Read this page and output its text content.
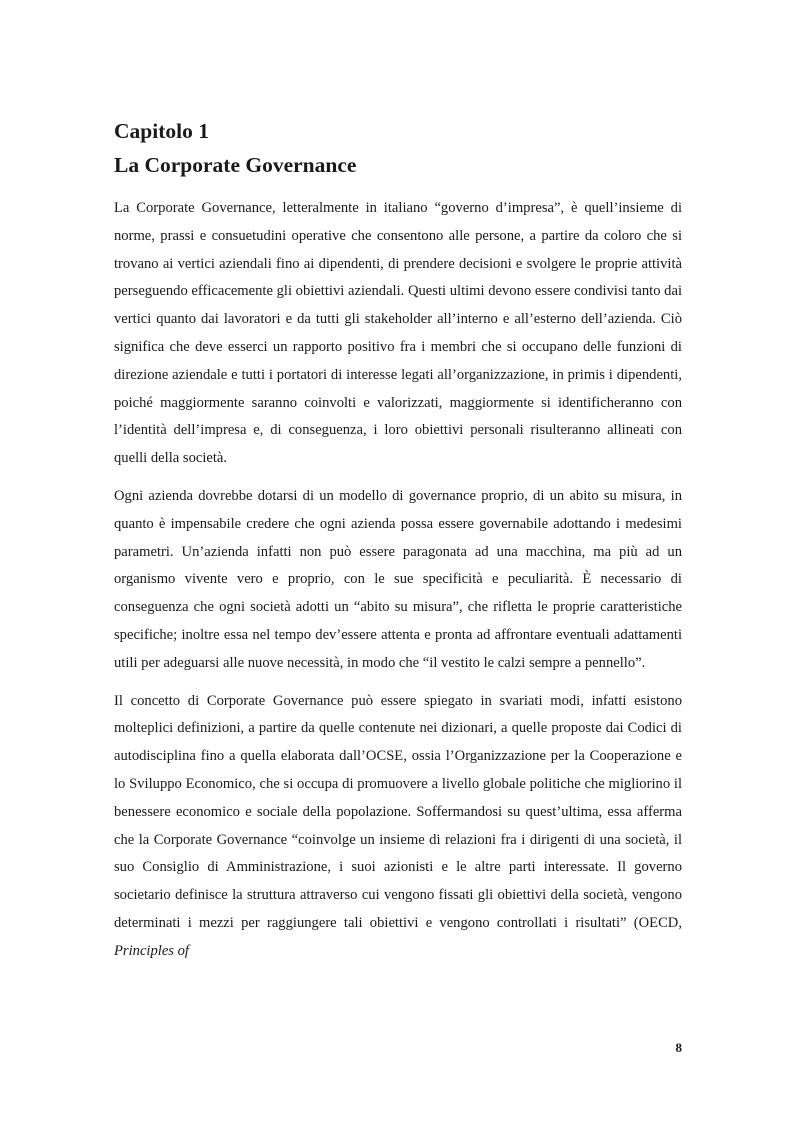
Capitolo 1
La Corporate Governance

La Corporate Governance, letteralmente in italiano “governo d’impresa”, è quell’insieme di norme, prassi e consuetudini operative che consentono alle persone, a partire da coloro che si trovano ai vertici aziendali fino ai dipendenti, di prendere decisioni e svolgere le proprie attività perseguendo efficacemente gli obiettivi aziendali. Questi ultimi devono essere condivisi tanto dai vertici quanto dai lavoratori e da tutti gli stakeholder all’interno e all’esterno dell’azienda. Ciò significa che deve esserci un rapporto positivo fra i membri che si occupano delle funzioni di direzione aziendale e tutti i portatori di interesse legati all’organizzazione, in primis i dipendenti, poiché maggiormente saranno coinvolti e valorizzati, maggiormente si identificheranno con l’identità dell’impresa e, di conseguenza, i loro obiettivi personali risulteranno allineati con quelli della società.

Ogni azienda dovrebbe dotarsi di un modello di governance proprio, di un abito su misura, in quanto è impensabile credere che ogni azienda possa essere governabile adottando i medesimi parametri. Un’azienda infatti non può essere paragonata ad una macchina, ma più ad un organismo vivente vero e proprio, con le sue specificità e peculiarità. È necessario di conseguenza che ogni società adotti un “abito su misura”, che rifletta le proprie caratteristiche specifiche; inoltre essa nel tempo dev’essere attenta e pronta ad affrontare eventuali adattamenti utili per adeguarsi alle nuove necessità, in modo che “il vestito le calzi sempre a pennello”.

Il concetto di Corporate Governance può essere spiegato in svariati modi, infatti esistono molteplici definizioni, a partire da quelle contenute nei dizionari, a quelle proposte dai Codici di autodisciplina fino a quella elaborata dall’OCSE, ossia l’Organizzazione per la Cooperazione e lo Sviluppo Economico, che si occupa di promuovere a livello globale politiche che migliorino il benessere economico e sociale della popolazione. Soffermandosi su quest’ultima, essa afferma che la Corporate Governance “coinvolge un insieme di relazioni fra i dirigenti di una società, il suo Consiglio di Amministrazione, i suoi azionisti e le altre parti interessate. Il governo societario definisce la struttura attraverso cui vengono fissati gli obiettivi della società, vengono determinati i mezzi per raggiungere tali obiettivi e vengono controllati i risultati” (OECD, Principles of

8
